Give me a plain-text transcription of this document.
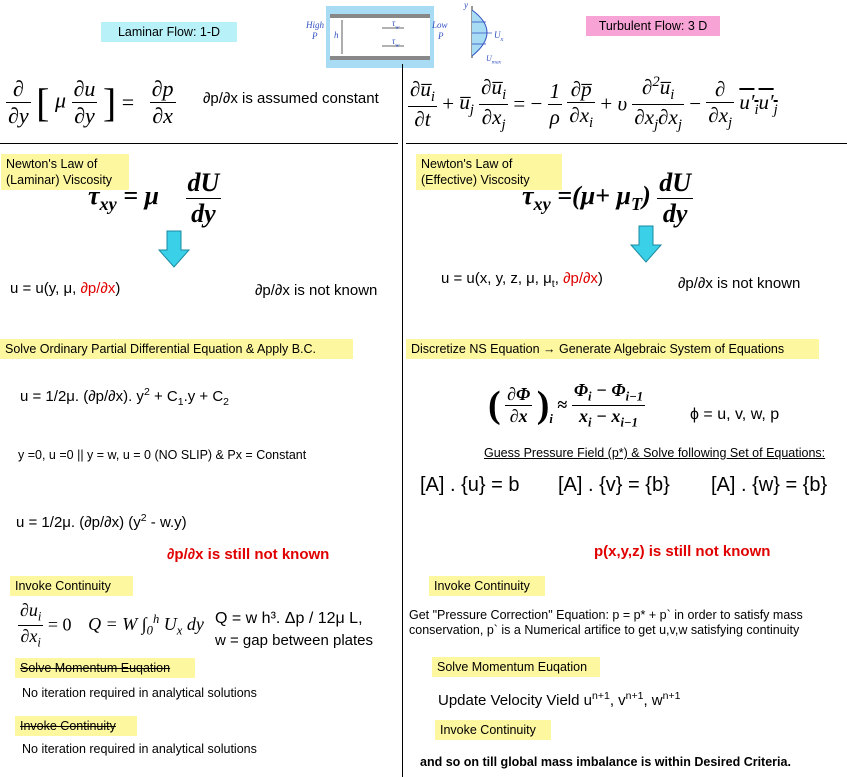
Laminar Flow: 1-D	Turbulent Flow: 3 D
High
P
Low
P
h
$\tau_w$
$\tau_w$
y
$U_x$
$U_{max}$
$\frac{\partial}{\partial y}$ [ μ $\frac{\partial u}{\partial y}$ ] = $\frac{\partial p}{\partial x} \partial p/\partial x$ is assumed constant
Newton's Law of
(Laminar) Viscosity
$\tau_{xy} = \mu \frac{dU}{dy}$
u = u(y, μ, ∂p/∂x)	∂p/∂x is not known
Solve Ordinary Partial Differential Equation & Apply B.C.
u = 1/2μ. (∂p/∂x). $y^2 + C_1.y + C_2$
y =0, u =0 || y = w, u = 0 (NO SLIP) & Px = Constant
u = 1/2μ. (∂p/∂x) $(y^2 - w.y)$
∂p/∂x is still not known
Invoke Continuity
$\frac{\partial u_i}{\partial x_i} = 0$ Q = W $\int_0^h$ $U_x$ dy Q = w h³. Δp / 12μ L,
w = gap between plates
Solve Momentum Euqation
No iteration required in analytical solutions
Invoke Continuity
No iteration required in analytical solutions
$\frac{\partial u̅_i}{\partial t}$ + $u̅_j \frac{\partial u̅_i}{\partial x_j}$ = − $\frac{1}{\rho}$
$\frac{\partial p̅}{\partial x_i} + \upsilon \frac{\partial^2u̅_i}{\partial x_j\partial x_j} - \frac{\partial}{\partial x_j} u'_iu'_j$
Newton's Law of
(Effective) Viscosity
$\tau_{xy} =(\mu+ \mu_T) \frac{dU}{dy}$
u = u(x, y, z, μ, $\mu_t$, ∂p/∂x)	∂p/∂x is not known
Discretize NS Equation → Generate Algebraic System of Equations
( $\frac{\partial\Phi}{\partial x} )_i \approx \frac{\Phi_i - \Phi_{i-1}}{x_i - x_{i-1}}$	ϕ = u, v, w, p
Guess Pressure Field (p*) & Solve following Set of Equations:
[A] . {u} = b [A] . {v} = {b} [A] . {w} = {b}
p(x,y,z) is still not known
Invoke Continuity
Get "Pressure Correction" Equation: p = p* + p` in order to satisfy mass
conservation, p` is a Numerical artifice to get u,v,w satisfying continuity
Solve Momentum Euqation
Update Velocity Vield $u^{n+1}$, $v^{n+1}$, $w^{n+1}$
Invoke Continuity
and so on till global mass imbalance is within Desired Criteria.
